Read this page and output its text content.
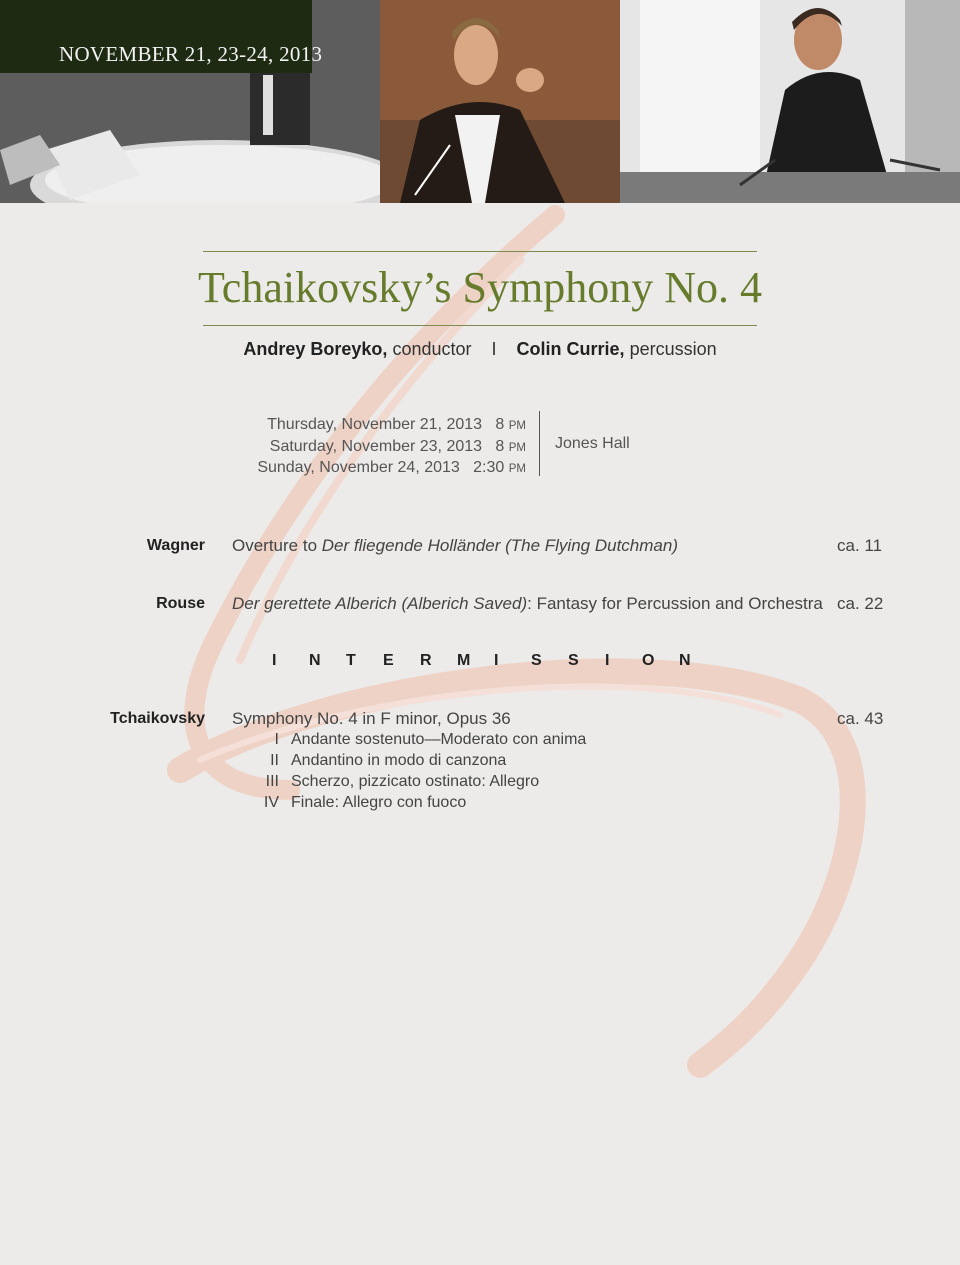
NOVEMBER 21, 23-24, 2013
Tchaikovsky’s Symphony No. 4
Andrey Boreyko, conductor I Colin Currie, percussion
Thursday, November 21, 2013 8 PM
Saturday, November 23, 2013 8 PM
Sunday, November 24, 2013 2:30 PM
Jones Hall
Wagner Overture to Der fliegende Holländer (The Flying Dutchman)	ca. 11
Rouse Der gerettete Alberich (Alberich Saved): Fantasy for Percussion and Orchestra ca. 22
I N T E R M I S S I O N
Tchaikovsky Symphony No. 4 in F minor, Opus 36	ca. 43
I Andante sostenuto—Moderato con anima
II Andantino in modo di canzona
III Scherzo, pizzicato ostinato: Allegro
IV Finale: Allegro con fuoco
